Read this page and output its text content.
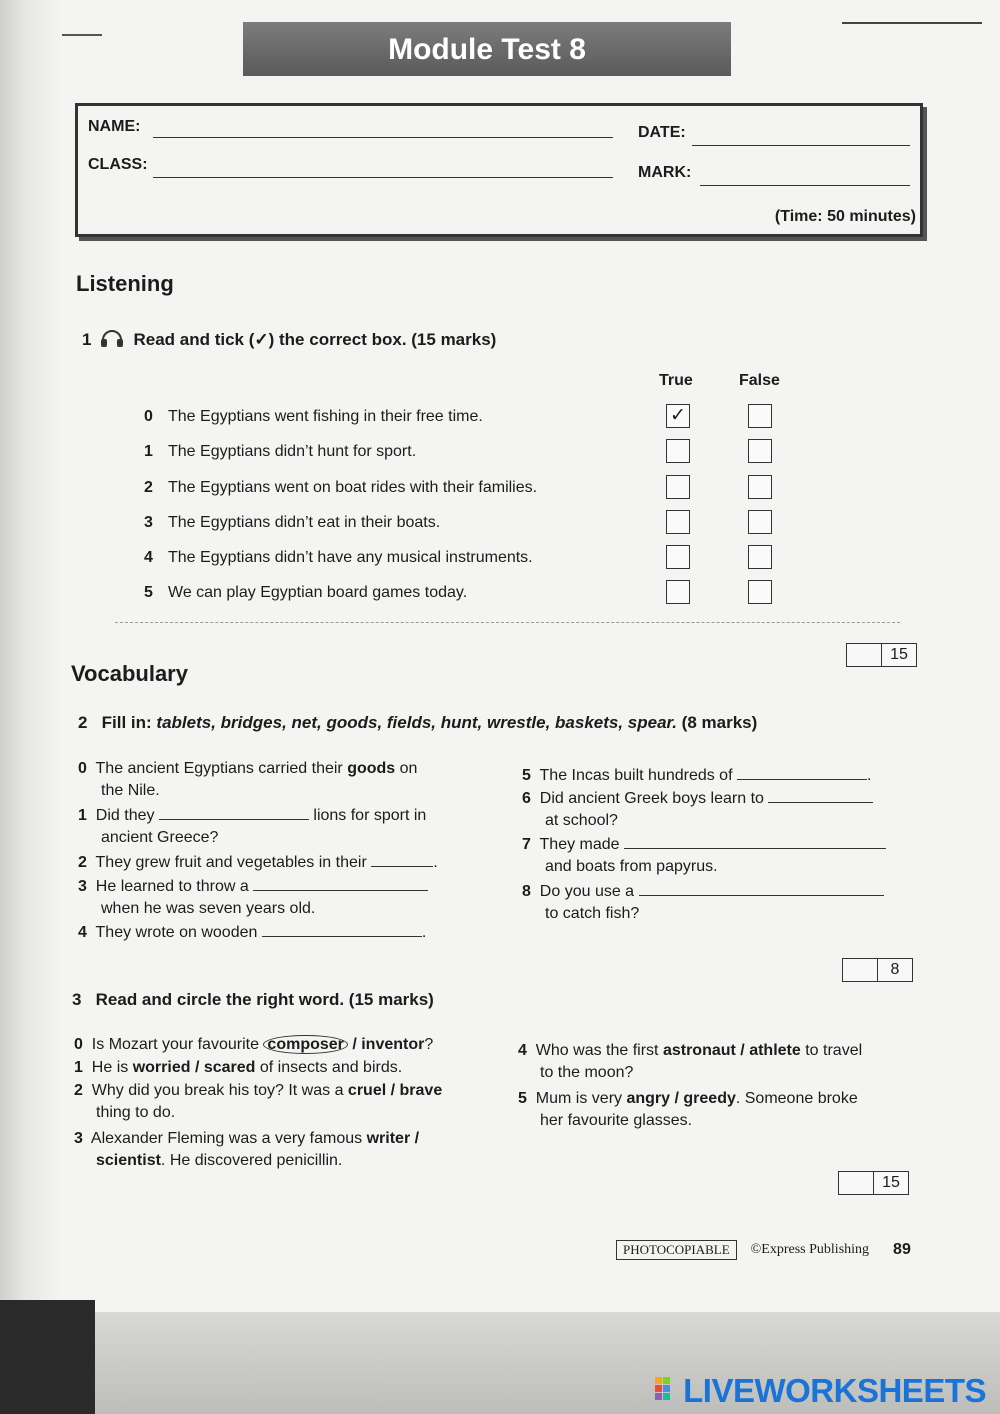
Module Test 8
NAME:	DATE:
CLASS:	MARK:
(Time: 50 minutes)
Listening
1 Read and tick (✓) the correct box. (15 marks)
True	False
0 The Egyptians went fishing in their free time.	✓
1 The Egyptians didn’t hunt for sport.
2 The Egyptians went on boat rides with their families.
3 The Egyptians didn’t eat in their boats.
4 The Egyptians didn’t have any musical instruments.
5 We can play Egyptian board games today.
15
Vocabulary
2 Fill in: tablets, bridges, net, goods, fields, hunt, wrestle, baskets, spear. (8 marks)
0 The ancient Egyptians carried their goods on
the Nile.
1 Did they	lions for sport in
ancient Greece?
2 They grew fruit and vegetables in their	.
3 He learned to throw a
when he was seven years old.
4 They wrote on wooden	.
5 The Incas built hundreds of	.
6 Did ancient Greek boys learn to
at school?
7 They made
and boats from papyrus.
8 Do you use a
to catch fish?
8
3 Read and circle the right word. (15 marks)
0 Is Mozart your favourite composer / inventor?
1 He is worried / scared of insects and birds.
2 Why did you break his toy? It was a cruel / brave
thing to do.
3 Alexander Fleming was a very famous writer /
scientist. He discovered penicillin.
4 Who was the first astronaut / athlete to travel
to the moon?
5 Mum is very angry / greedy. Someone broke
her favourite glasses.
15
PHOTOCOPIABLE	©Express Publishing 89
LIVEWORKSHEETS
